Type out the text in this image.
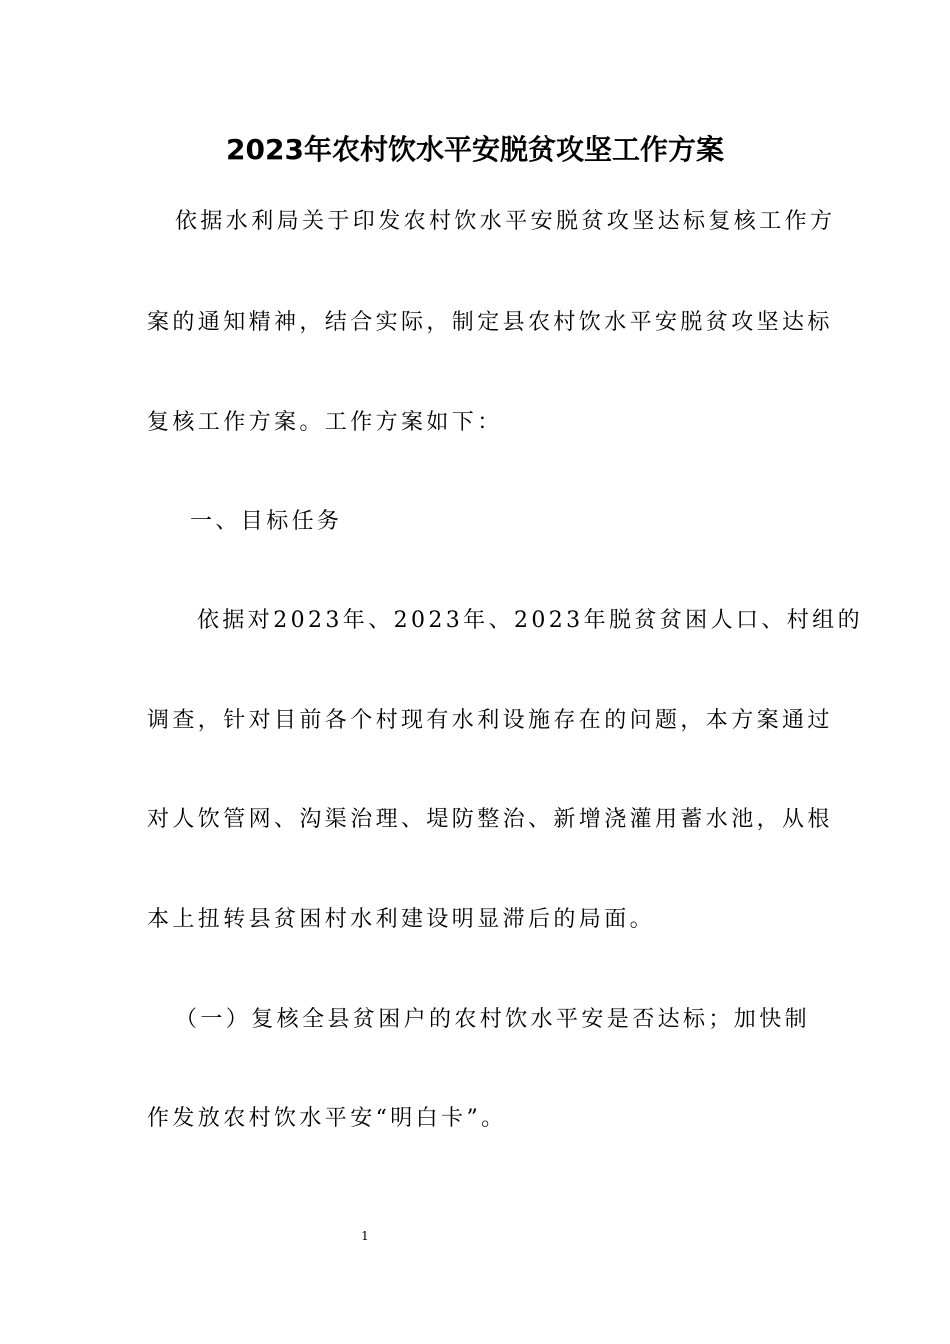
2023年农村饮水平安脱贫攻坚工作方案
依据水利局关于印发农村饮水平安脱贫攻坚达标复核工作方
案的通知精神，结合实际，制定县农村饮水平安脱贫攻坚达标
复核工作方案。工作方案如下：
一、目标任务
依据对2023年、2023年、2023年脱贫贫困人口、村组的
调查，针对目前各个村现有水利设施存在的问题，本方案通过
对人饮管网、沟渠治理、堤防整治、新增浇灌用蓄水池，从根
本上扭转县贫困村水利建设明显滞后的局面。
（一）复核全县贫困户的农村饮水平安是否达标；加快制
作发放农村饮水平安“明白卡”。
1
